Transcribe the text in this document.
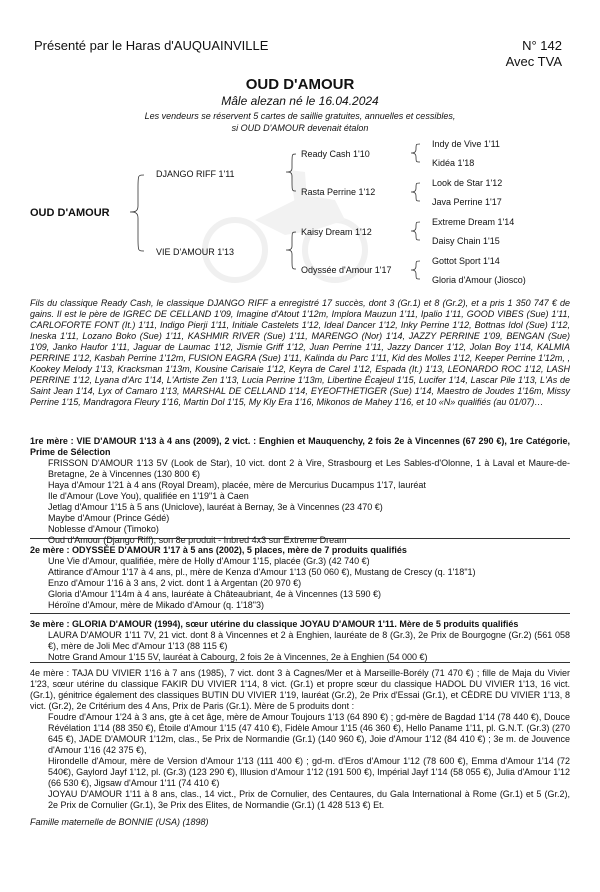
Présenté par le Haras d'AUQUAINVILLE	N° 142
Avec TVA
OUD D'AMOUR
Mâle alezan né le 16.04.2024
Les vendeurs se réservent 5 cartes de saillie gratuites, annuelles et cessibles,
si OUD D'AMOUR devenait étalon
OUD D'AMOUR
DJANGO RIFF 1'11
VIE D'AMOUR 1'13
Ready Cash 1'10
Rasta Perrine 1'12
Kaisy Dream 1'12
Odyssée d'Amour 1'17
Indy de Vive 1'11
Kidéa 1'18
Look de Star 1'12
Java Perrine 1'17
Extreme Dream 1'14
Daisy Chain 1'15
Gottot Sport 1'14
Gloria d'Amour (Jiosco)
Fils du classique Ready Cash, le classique DJANGO RIFF a enregistré 17 succès, dont 3 (Gr.1) et 8 (Gr.2), et a pris 1 350 747 € de gains. Il est le père de IGREC DE CELLAND 1'09, Imagine d'Atout 1'12m, Implora Mauzun 1'11, Ipalio 1'11, GOOD VIBES (Sue) 1'11, CARLOFORTE FONT (It.) 1'11, Indigo Pierji 1'11, Initiale Castelets 1'12, Ideal Dancer 1'12, Inky Perrine 1'12, Bottnas Idol (Sue) 1'12, Ineska 1'11, Lozano Boko (Sue) 1'11, KASHMIR RIVER (Sue) 1'11, MARENGO (Nor) 1'14, JAZZY PERRINE 1'09, BENGAN (Sue) 1'09, Janko Haufor 1'11, Jaguar de Laumac 1'12, Jismie Griff 1'12, Juan Perrine 1'11, Jazzy Dancer 1'12, Jolan Boy 1'14, KALMIA PERRINE 1'12, Kasbah Perrine 1'12m, FUSION EAGRA (Sue) 1'11, Kalinda du Parc 1'11, Kid des Molles 1'12, Keeper Perrine 1'12m, , Kookey Melody 1'13, Kracksman 1'13m, Kousine Carisaie 1'12, Keyra de Carel 1'12, Espada (It.) 1'13, LEONARDO ROC 1'12, LASH PERRINE 1'12, Lyana d'Arc 1'14, L'Artiste Zen 1'13, Lucia Perrine 1'13m, Libertine Écajeul 1'15, Lucifer 1'14, Lascar Pile 1'13, L'As de Saint Jean 1'14, Lyx of Camaro 1'13, MARSHAL DE CELLAND 1'14, EYEOFTHETIGER (Sue) 1'14, Maestro de Joudes 1'16m, Missy Perrine 1'15, Mandragora Fleury 1'16, Martin Dol 1'15, My Kly Era 1'16, Mikonos de Mahey 1'16, et 10 «N» qualifiés (au 01/07)…

1re mère : VIE D'AMOUR 1'13 à 4 ans (2009), 2 vict. : Enghien et Mauquenchy, 2 fois 2e à Vincennes (67 290 €), 1re Catégorie, Prime de Sélection

FRISSON D'AMOUR 1'13 5V (Look de Star), 10 vict. dont 2 à Vire, Strasbourg et Les Sables-d'Olonne, 1 à Laval et Maure-de-Bretagne, 2e à Vincennes (130 800 €)

Haya d'Amour 1'21 à 4 ans (Royal Dream), placée, mère de Mercurius Ducampus 1'17, lauréat

Ile d'Amour (Love You), qualifiée en 1'19"1 à Caen

Jetlag d'Amour 1'15 à 5 ans (Uniclove), lauréat à Bernay, 3e à Vincennes (23 470 €)

Maybe d'Amour (Prince Gédé)

Noblesse d'Amour (Timoko)

Oud d'Amour (Django Riff), son 8e produit - Inbred 4x3 sur Extreme Dream

2e mère : ODYSSÉE D'AMOUR 1'17 à 5 ans (2002), 5 places, mère de 7 produits qualifiés

Une Vie d'Amour, qualifiée, mère de Holly d'Amour 1'15, placée (Gr.3) (42 740 €)

Attirance d'Amour 1'17 à 4 ans, pl., mère de Kenza d'Amour 1'13 (50 060 €), Mustang de Crescy (q. 1'18"1)

Enzo d'Amour 1'16 à 3 ans, 2 vict. dont 1 à Argentan (20 970 €)

Gloria d'Amour 1'14m à 4 ans, lauréate à Châteaubriant, 4e à Vincennes (13 590 €)

Héroïne d'Amour, mère de Mikado d'Amour (q. 1'18"3)

3e mère : GLORIA D'AMOUR (1994), sœur utérine du classique JOYAU D'AMOUR 1'11. Mère de 5 produits qualifiés

LAURA D'AMOUR 1'11 7V, 21 vict. dont 8 à Vincennes et 2 à Enghien, lauréate de 8 (Gr.3), 2e Prix de Bourgogne (Gr.2) (561 058 €), mère de Joli Mec d'Amour 1'13 (88 115 €)

Notre Grand Amour 1'15 5V, lauréat à Cabourg, 2 fois 2e à Vincennes, 2e à Enghien (54 000 €)

4e mère : TAJA DU VIVIER 1'16 à 7 ans (1985), 7 vict. dont 3 à Cagnes/Mer et à Marseille-Borély (71 470 €) ; fille de Maja du Vivier 1'23, sœur utérine du classique FAKIR DU VIVIER 1'14, 8 vict. (Gr.1) et propre sœur du classique HADOL DU VIVIER 1'13, 16 vict. (Gr.1), génitrice également des classiques BUTIN DU VIVIER 1'19, lauréat (Gr.2), 2e Prix d'Essai (Gr.1), et CÈDRE DU VIVIER 1'13, 8 vict. (Gr.2), 2e Critérium des 4 Ans, Prix de Paris (Gr.1). Mère de 5 produits dont :

Foudre d'Amour 1'24 à 3 ans, gte à cet âge, mère de Amour Toujours 1'13 (64 890 €) ; gd-mère de Bagdad 1'14 (78 440 €), Douce Révélation 1'14 (88 350 €), Étoile d'Amour 1'15 (47 410 €), Fidèle Amour 1'15 (46 360 €), Hello Paname 1'11, pl. G.N.T. (Gr.3) (270 645 €), JADE D'AMOUR 1'12m, clas., 5e Prix de Normandie (Gr.1) (140 960 €), Joie d'Amour 1'12 (84 410 €) ; 3e m. de Jouvence d'Amour 1'16 (42 375 €),

Hirondelle d'Amour, mère de Version d'Amour 1'13 (111 400 €) ; gd-m. d'Eros d'Amour 1'12 (78 600 €), Emma d'Amour 1'14 (72 540€), Gaylord Jayf 1'12, pl. (Gr.3) (123 290 €), Illusion d'Amour 1'12 (191 500 €), Impérial Jayf 1'14 (58 055 €), Julia d'Amour 1'12 (66 530 €), Jigsaw d'Amour 1'11 (74 410 €)

JOYAU D'AMOUR 1'11 à 8 ans, clas., 14 vict., Prix de Cornulier, des Centaures, du Gala International à Rome (Gr.1) et 5 (Gr.2), 2e Prix de Cornulier (Gr.1), 3e Prix des Elites, de Normandie (Gr.1) (1 428 513 €) Et.

Famille maternelle de BONNIE (USA) (1898)
